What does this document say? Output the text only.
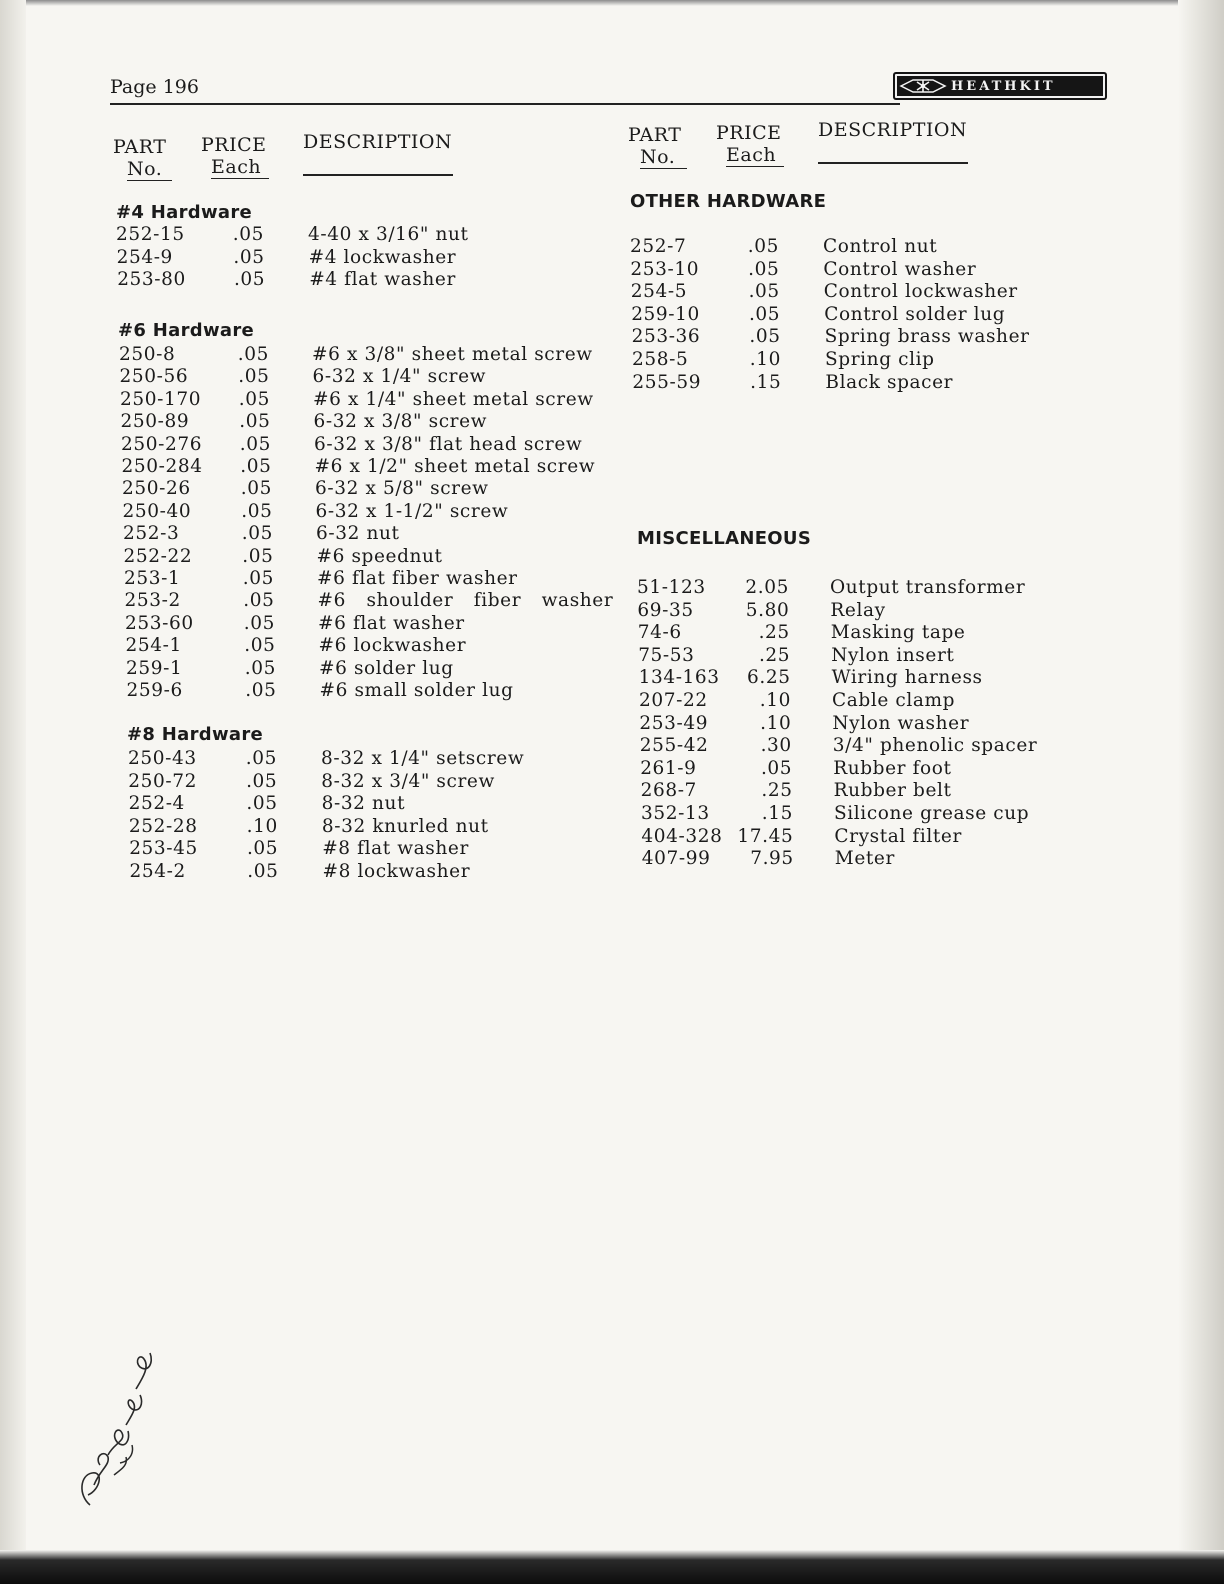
Page 196	HEATHKIT
PART
No.
PRICE
Each
DESCRIPTION	PART
No.
PRICE
Each
DESCRIPTION
#4 Hardware
#6 Hardware
#8 Hardware
OTHER HARDWARE
MISCELLANEOUS
252-15	.05 4-40 x 3/16" nut
254-9	.05 #4 lockwasher
253-80	.05 #4 flat washer
250-8	.05 #6 x 3/8" sheet metal screw
250-56	.05 6-32 x 1/4" screw
250-170 .05 #6 x 1/4" sheet metal screw
250-89	.05 6-32 x 3/8" screw
250-276 .05 6-32 x 3/8" flat head screw
250-284 .05 #6 x 1/2" sheet metal screw
250-26	.05 6-32 x 5/8" screw
250-40	.05 6-32 x 1-1/2" screw
252-3	.05 6-32 nut
252-22	.05 #6 speednut
253-1	.05 #6 flat fiber washer
253-2	.05 #6 shoulder fiber washer
253-60	.05 #6 flat washer
254-1	.05 #6 lockwasher
259-1	.05 #6 solder lug
259-6	.05 #6 small solder lug
250-43	.05 8-32 x 1/4" setscrew
250-72	.05 8-32 x 3/4" screw
252-4	.05 8-32 nut
252-28	.10 8-32 knurled nut
253-45	.05 #8 flat washer
254-2	.05 #8 lockwasher
252-7	.05 Control nut
253-10	.05 Control washer
254-5	.05 Control lockwasher
259-10	.05 Control solder lug
253-36	.05 Spring brass washer
258-5	.10 Spring clip
255-59	.15 Black spacer
51-123 2.05 Output transformer
69-35	5.80 Relay
74-6	.25 Masking tape
75-53	.25 Nylon insert
134-163 6.25 Wiring harness
207-22	.10 Cable clamp
253-49	.10 Nylon washer
255-42	.30 3/4" phenolic spacer
261-9	.05 Rubber foot
268-7	.25 Rubber belt
352-13	.15 Silicone grease cup
404-328 17.45 Crystal filter
407-99 7.95 Meter
